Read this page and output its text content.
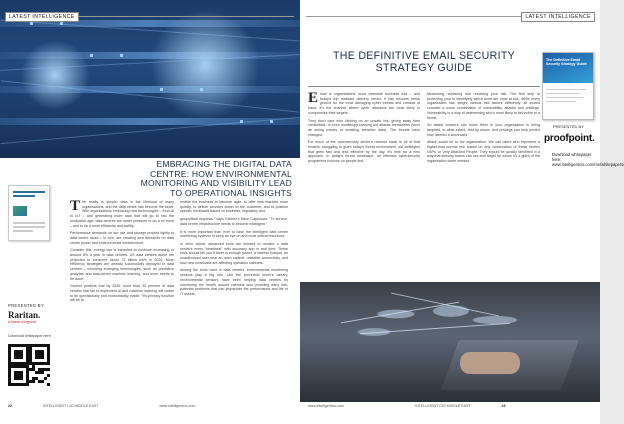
LATEST INTELLIGENCE
EMBRACING THE DIGITAL DATA CENTRE: HOW ENVIRONMENTAL MONITORING AND VISIBILITY LEAD TO OPERATIONAL INSIGHTS
T he reality is simple: data is the lifeblood of many organisations, and the data centre has become the heart. With organisations embracing new technologies – from AI to IoT – and generating more data that will go to into the workplace age, data centres are under pressure to do a lot more – and to do it more efficiently and swiftly.
Performance demands on our use and storage pushed tightly in data centre racks – in turn, are creating new demands on data centre power and environmental infrastructure.
Consider this: energy use is expected to continue increasing to around 8% a year in data centres. US data centres alone are projected to consume about 73 billion kWh in 2020. More efficiency strategies are already successfully deployed in data centres – including emerging technologies, such as predictive analytics and data-driven machine learning, and more needs to be done.
Gartner predicts that by 2020, more than 30 percent of data centres that fail to implement AI and machine learning will cease to be operationally and economically viable. "It's primary function will be to
enable the business to become agile, to offer new markets more quickly, to deliver services closer to the customer, and to position specific workloads based on business, regulatory and
geopolitical requests," says Gartner's Dave Cappuccio. "To survive, data centre infrastructure needs to become intelligent."
It is more important than ever to have the intelligent data centre monitoring systems to keep an eye on and most critical resources.
In other words, advanced tools are needed to monitor a data centre's every "heartbeat" with accuracy and in real time. These tools should tell you if there is enough power, a harmful hotspot, an unauthorised user near an open cabinet, unstable connectivity, and how new workloads are affecting operation cabinets.
Among the tools used in data centres, environmental monitoring sensors play a big role. Like the proverbial miner's canary, environmental sensors have been helping data centres by monitoring the health around cabinets and providing early risk-potential problems that can jeopardize the performance and life of IT assets.
PRESENTED BY
Raritan.
A brand of legrand
Download whitepaper here
22	INTELLIGENT CIO MIDDLE EAST	www.intelligentcio.com
LATEST INTELLIGENCE
THE DEFINITIVE EMAIL SECURITY STRATEGY GUIDE
The Definitive Email Security Strategy Guide
PRESENTED BY
proofpoint.
Download whitepaper here: www.intelligentcio.com/me/whitepapers/
E mail is organisations' most essential business tool – and today's top malware delivery vector. It has become fertile ground for the most damaging cyber threats and criminal of fraud. It's the channel where cyber attackers are most likely to compromise their targets.
They don't care who clicking on an unsafe link, giving away their credentials, or even unwittingly carrying out attacks themselves (such as wiring money or emailing sensitive data). The threats have changed.
For much of the cybersecurity sector's network stack in all of that models, struggling to grant today's threat environment, old strategies that grew fast and less effective by the day. It's time for a new approach. In today's threat landscape, an effective cybersecurity programme focuses on people first.
Measuring, surfacing and resolving your risk. The first step to protecting your is identifying which ones are most at risk. While every organisation has weight various risk factors differently, all should consider a some combination of vulnerability, attacks and privilege. Vulnerability is a way of determining who's most likely to fall victim to a threat.
So attack creators can move them in your organisation is being targeted, to what extent, and by whom. And privilege can help predict how harmful a successful
attack would be to the organisation. We call users who represent a higher-than-normal risk based on any combination of these factors VAPs, or Very Attacked People. They should be quickly identified in a way that security teams can use and target for whom it's a glitch of the organisation when needed.
www.intelligentcio.com	INTELLIGENT CIO MIDDLE EAST	23
